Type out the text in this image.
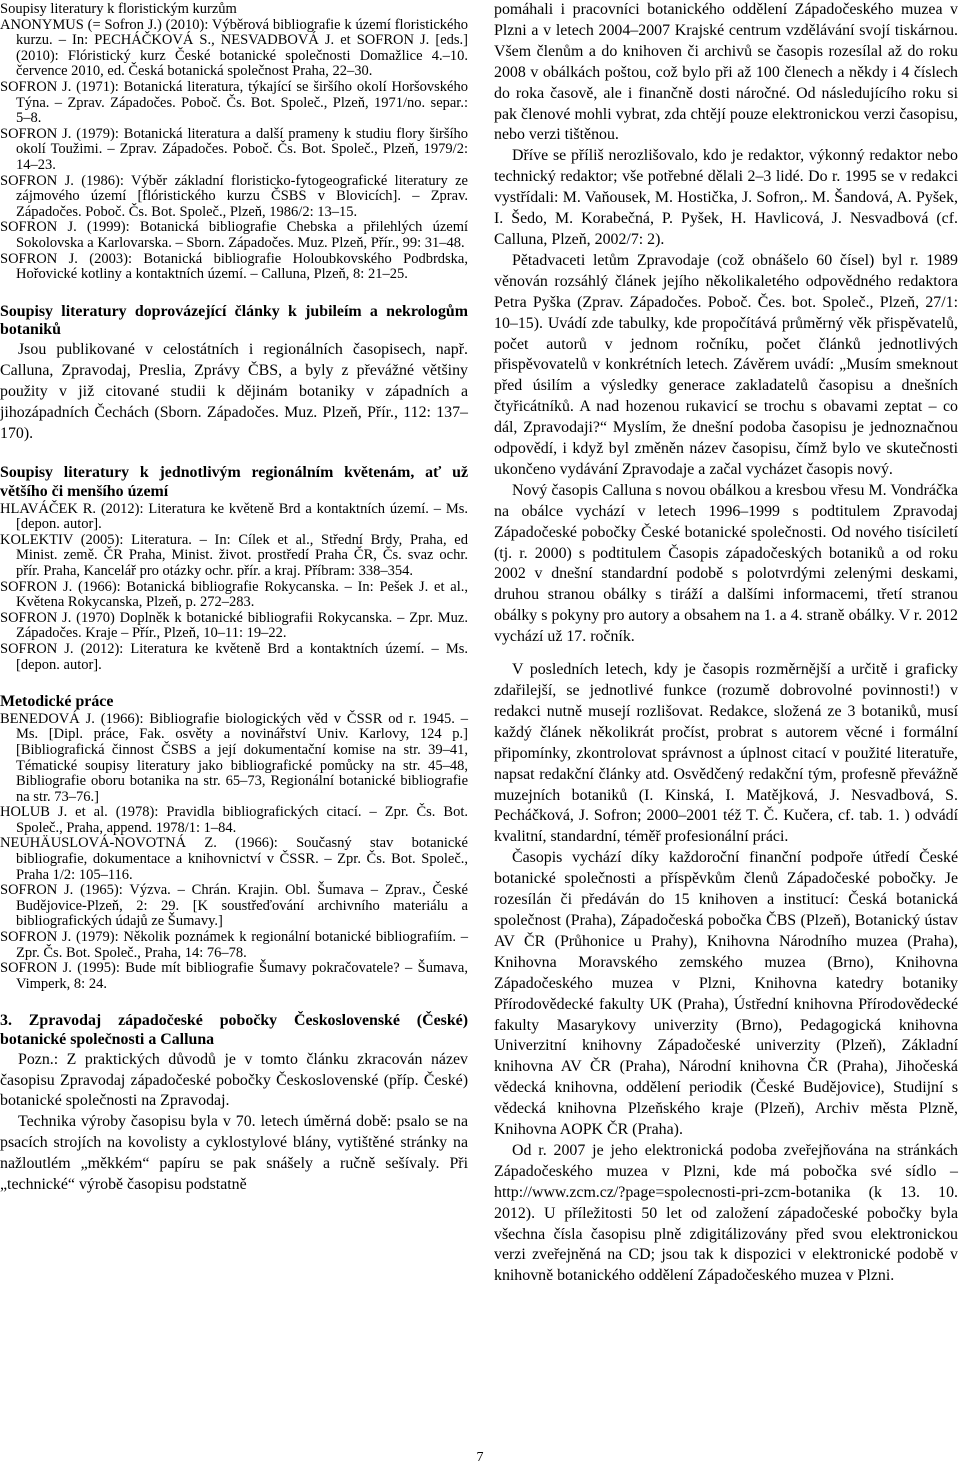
Soupisy literatury k floristickým kurzům

ANONYMUS (= Sofron J.) (2010): Výběrová bibliografie k území floristického kurzu. – In: PECHÁČKOVÁ S., NESVADBOVÁ J. et SOFRON J. [eds.] (2010): Flóristický kurz České botanické společnosti Domažlice 4.–10. července 2010, ed. Česká botanická společnost Praha, 22–30.

SOFRON J. (1971): Botanická literatura, týkající se širšího okolí Horšovského Týna. – Zprav. Západočes. Poboč. Čs. Bot. Společ., Plzeň, 1971/no. separ.: 5–8.

SOFRON J. (1979): Botanická literatura a další prameny k studiu flory širšího okolí Toužimi. – Zprav. Západočes. Poboč. Čs. Bot. Společ., Plzeň, 1979/2: 14–23.

SOFRON J. (1986): Výběr základní floristicko-fytogeografické literatury ze zájmového území [flóristického kurzu ČSBS v Blovicích]. – Zprav. Západočes. Poboč. Čs. Bot. Společ., Plzeň, 1986/2: 13–15.

SOFRON J. (1999): Botanická bibliografie Chebska a přilehlých území Sokolovska a Karlovarska. – Sborn. Západočes. Muz. Plzeň, Přír., 99: 31–48.

SOFRON J. (2003): Botanická bibliografie Holoubkovského Podbrdska, Hořovické kotliny a kontaktních území. – Calluna, Plzeň, 8: 21–25.

Soupisy literatury doprovázející články k jubileím a nekrologům botaniků

Jsou publikované v celostátních i regionálních časopisech, např. Calluna, Zpravodaj, Preslia, Zprávy ČBS, a byly z převážné většiny použity v již citované studii k dějinám botaniky v západních a jihozápadních Čechách (Sborn. Západočes. Muz. Plzeň, Přír., 112: 137–170).

Soupisy literatury k jednotlivým regionálním květenám, ať už většího či menšího území

HLAVÁČEK R. (2012): Literatura ke květeně Brd a kontaktních území. – Ms. [depon. autor].

KOLEKTIV (2005): Literatura. – In: Cílek et al., Střední Brdy, Praha, ed Minist. země. ČR Praha, Minist. život. prostředí Praha ČR, Čs. svaz ochr. přír. Praha, Kancelář pro otázky ochr. přír. a kraj. Příbram: 338–354.

SOFRON J. (1966): Botanická bibliografie Rokycanska. – In: Pešek J. et al., Květena Rokycanska, Plzeň, p. 272–283.

SOFRON J. (1970) Doplněk k botanické bibliografii Rokycanska. – Zpr. Muz. Západočes. Kraje – Přír., Plzeň, 10–11: 19–22.

SOFRON J. (2012): Literatura ke květeně Brd a kontaktních území. – Ms. [depon. autor].

Metodické práce

BENEDOVÁ J. (1966): Bibliografie biologických věd v ČSSR od r. 1945. – Ms. [Dipl. práce, Fak. osvěty a novinářství Univ. Karlovy, 124 p.] [Bibliografická činnost ČSBS a její dokumentační komise na str. 39–41, Tématické soupisy literatury jako bibliografické pomůcky na str. 45–48, Bibliografie oboru botanika na str. 65–73, Regionální botanické bibliografie na str. 73–76.]

HOLUB J. et al. (1978): Pravidla bibliografických citací. – Zpr. Čs. Bot. Společ., Praha, append. 1978/1: 1–84.

NEUHÄUSLOVÁ-NOVOTNÁ Z. (1966): Současný stav botanické bibliografie, dokumentace a knihovnictví v ČSSR. – Zpr. Čs. Bot. Společ., Praha 1/2: 105–116.

SOFRON J. (1965): Výzva. – Chrán. Krajin. Obl. Šumava – Zprav., České Budějovice-Plzeň, 2: 29. [K soustřeďování archivního materiálu a bibliografických údajů ze Šumavy.]

SOFRON J. (1979): Několik poznámek k regionální botanické bibliografiím. – Zpr. Čs. Bot. Společ., Praha, 14: 76–78.

SOFRON J. (1995): Bude mít bibliografie Šumavy pokračovatele? – Šumava, Vimperk, 8: 24.

3. Zpravodaj západočeské pobočky Československé (České) botanické společnosti a Calluna

Pozn.: Z praktických důvodů je v tomto článku zkracován název časopisu Zpravodaj západočeské pobočky Československé (příp. České) botanické společnosti na Zpravodaj.

Technika výroby časopisu byla v 70. letech úměrná době: psalo se na psacích strojích na kovolisty a cyklostylové blány, vytištěné stránky na nažloutlém „měkkém“ papíru se pak snášely a ručně sešívaly. Při „technické“ výrobě časopisu podstatně

pomáhali i pracovníci botanického oddělení Západočeského muzea v Plzni a v letech 2004–2007 Krajské centrum vzdělávání svojí tiskárnou. Všem členům a do knihoven či archivů se časopis rozesílal až do roku 2008 v obálkách poštou, což bylo při až 100 členech a někdy i 4 číslech do roka časově, ale i finančně dosti náročné. Od následujícího roku si pak členové mohli vybrat, zda chtějí pouze elektronickou verzi časopisu, nebo verzi tištěnou.

Dříve se příliš nerozlišovalo, kdo je redaktor, výkonný redaktor nebo technický redaktor; vše potřebné dělali 2–3 lidé. Do r. 1995 se v redakci vystřídali: M. Vaňousek, M. Hostička, J. Sofron,. M. Šandová, A. Pyšek, I. Šedo, M. Korabečná, P. Pyšek, H. Havlicová, J. Nesvadbová (cf. Calluna, Plzeň, 2002/7: 2).

Pětadvaceti letům Zpravodaje (což obnášelo 60 čísel) byl r. 1989 věnován rozsáhlý článek jejího několikaletého odpovědného redaktora Petra Pyška (Zprav. Západočes. Poboč. Čes. bot. Společ., Plzeň, 27/1: 10–15). Uvádí zde tabulky, kde propočítává průměrný věk přispěvatelů, počet autorů v jednom ročníku, počet článků jednotlivých přispěvovatelů v konkrétních letech. Závěrem uvádí: „Musím smeknout před úsilím a výsledky generace zakladatelů časopisu a dnešních čtyřicátníků. A nad hozenou rukavicí se trochu s obavami zeptat – co dál, Zpravodaji?“ Myslím, že dnešní podoba časopisu je jednoznačnou odpovědí, i když byl změněn název časopisu, čímž bylo ve skutečnosti ukončeno vydávání Zpravodaje a začal vycházet časopis nový.

Nový časopis Calluna s novou obálkou a kresbou vřesu M. Vondráčka na obálce vychází v letech 1996–1999 s podtitulem Zpravodaj Západočeské pobočky České botanické společnosti. Od nového tisíciletí (tj. r. 2000) s podtitulem Časopis západočeských botaniků a od roku 2002 v dnešní standardní podobě s polotvrdými zelenými deskami, druhou stranou obálky s tiráží a dalšími informacemi, třetí stranou obálky s pokyny pro autory a obsahem na 1. a 4. straně obálky. V r. 2012 vychází už 17. ročník.

V posledních letech, kdy je časopis rozměrnější a určitě i graficky zdařilejší, se jednotlivé funkce (rozumě dobrovolné povinnosti!) v redakci nutně musejí rozlišovat. Redakce, složená ze 3 botaniků, musí každý článek několikrát pročíst, probrat s autorem věcné i formální připomínky, zkontrolovat správnost a úplnost citací v použité literatuře, napsat redakční články atd. Osvědčený redakční tým, profesně převážně muzejních botaniků (I. Kinská, I. Matějková, J. Nesvadbová, S. Pecháčková, J. Sofron; 2000–2001 též T. Č. Kučera, cf. tab. 1. ) odvádí kvalitní, standardní, téměř profesionální práci.

Časopis vychází díky každoroční finanční podpoře útředí České botanické společnosti a příspěvkům členů Západočeské pobočky. Je rozesílán či předáván do 15 knihoven a institucí: Česká botanická společnost (Praha), Západočeská pobočka ČBS (Plzeň), Botanický ústav AV ČR (Průhonice u Prahy), Knihovna Národního muzea (Praha), Knihovna Moravského zemského muzea (Brno), Knihovna Západočeského muzea v Plzni, Knihovna katedry botaniky Přírodovědecké fakulty UK (Praha), Ústřední knihovna Přírodovědecké fakulty Masarykovy univerzity (Brno), Pedagogická knihovna Univerzitní knihovny Západočeské univerzity (Plzeň), Základní knihovna AV ČR (Praha), Národní knihovna ČR (Praha), Jihočeská vědecká knihovna, oddělení periodik (České Budějovice), Studijní s vědecká knihovna Plzeňského kraje (Plzeň), Archiv města Plzně, Knihovna AOPK ČR (Praha).

Od r. 2007 je jeho elektronická podoba zveřejňována na stránkách Západočeského muzea v Plzni, kde má pobočka své sídlo – http://www.zcm.cz/?page=spolecnosti-pri-zcm-botanika (k 13. 10. 2012). U příležitosti 50 let od založení západočeské pobočky byla všechna čísla časopisu plně zdigitálizovány před svou elektronickou verzi zveřejněná na CD; jsou tak k dispozici v elektronické podobě v knihovně botanického oddělení Západočeského muzea v Plzni.

7
